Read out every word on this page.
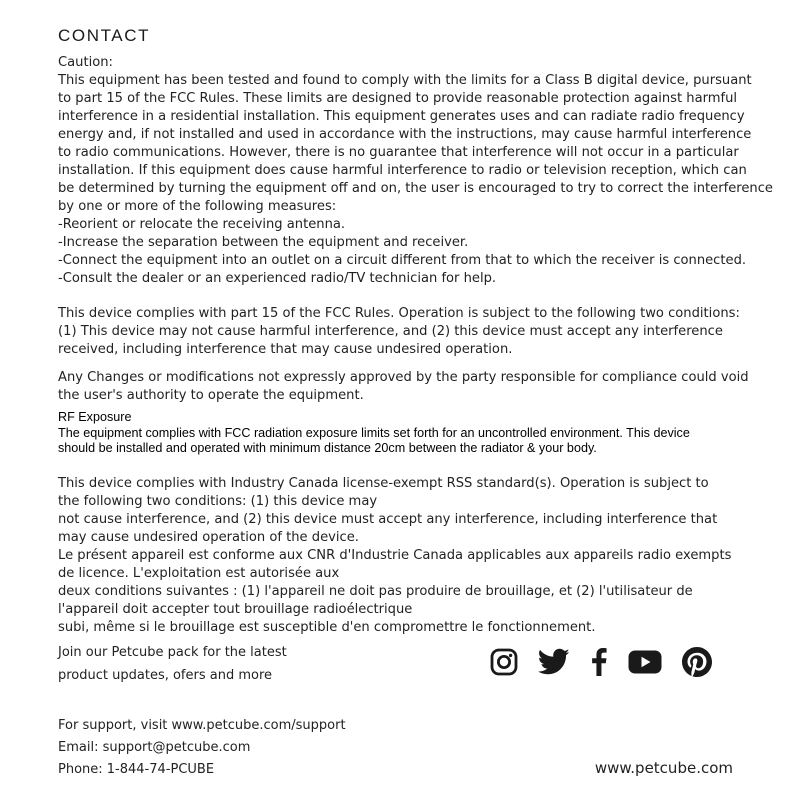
CONTACT

Caution:

This equipment has been tested and found to comply with the limits for a Class B digital device, pursuant

to part 15 of the FCC Rules. These limits are designed to provide reasonable protection against harmful

interference in a residential installation. This equipment generates uses and can radiate radio frequency

energy and, if not installed and used in accordance with the instructions, may cause harmful interference

to radio communications. However, there is no guarantee that interference will not occur in a particular

installation. If this equipment does cause harmful interference to radio or television reception, which can

be determined by turning the equipment off and on, the user is encouraged to try to correct the interference

by one or more of the following measures:

-Reorient or relocate the receiving antenna.

-Increase the separation between the equipment and receiver.

-Connect the equipment into an outlet on a circuit different from that to which the receiver is connected.

-Consult the dealer or an experienced radio/TV technician for help.

This device complies with part 15 of the FCC Rules. Operation is subject to the following two conditions:

(1) This device may not cause harmful interference, and (2) this device must accept any interference

received, including interference that may cause undesired operation.

Any Changes or modifications not expressly approved by the party responsible for compliance could void

the user's authority to operate the equipment.

RF Exposure

The equipment complies with FCC radiation exposure limits set forth for an uncontrolled environment. This device

should be installed and operated with minimum distance 20cm between the radiator & your body.

This device complies with Industry Canada license-exempt RSS standard(s). Operation is subject to

the following two conditions: (1) this device may

not cause interference, and (2) this device must accept any interference, including interference that

may cause undesired operation of the device.

Le présent appareil est conforme aux CNR d'Industrie Canada applicables aux appareils radio exempts

de licence. L'exploitation est autorisée aux

deux conditions suivantes : (1) l'appareil ne doit pas produire de brouillage, et (2) l'utilisateur de

l'appareil doit accepter tout brouillage radioélectrique

subi, même si le brouillage est susceptible d'en compromettre le fonctionnement.

Join our Petcube pack for the latest

product updates, ofers and more

For support, visit www.petcube.com/support

Email: support@petcube.com

Phone: 1-844-74-PCUBE	www.petcube.com
